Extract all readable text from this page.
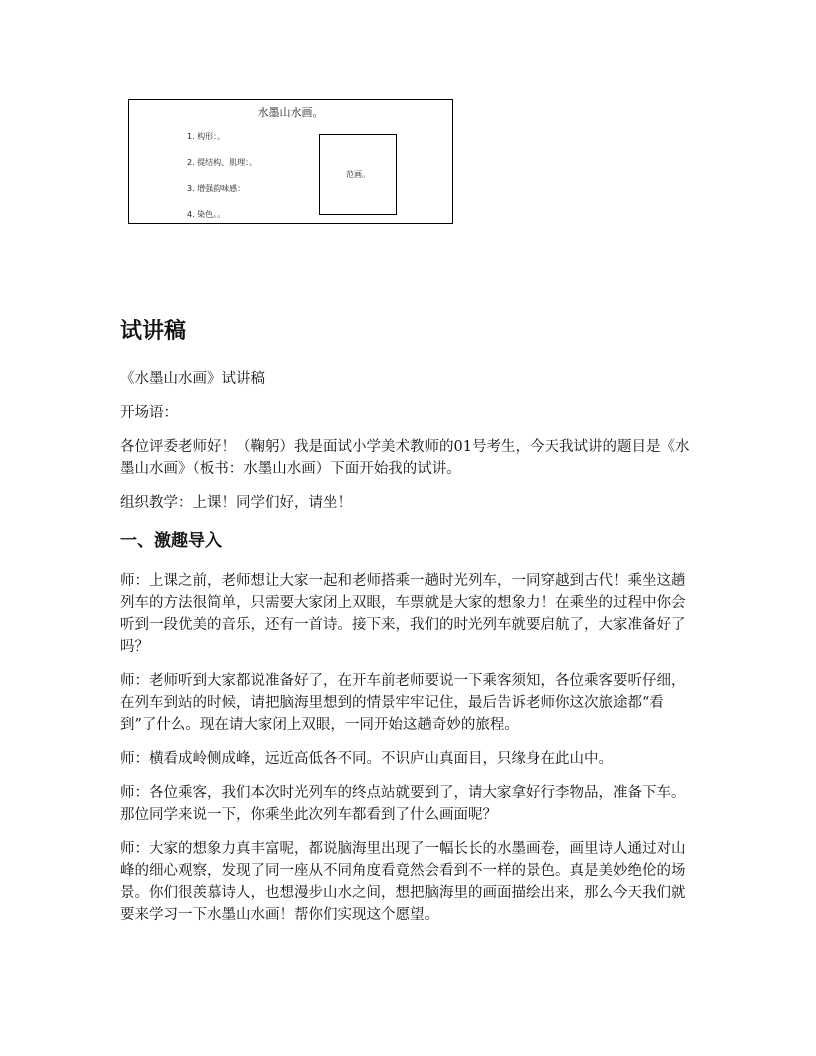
水墨山水画。
1. 构形：。
2. 提结构、肌理：。
3. 增强韵味感：
4. 染色。。
范画。
试讲稿

《水墨山水画》试讲稿

开场语：

各位评委老师好！（鞠躬）我是面试小学美术教师的01号考生，今天我试讲的题目是《水墨山水画》（板书：水墨山水画）下面开始我的试讲。

组织教学：上课！同学们好，请坐！

一、激趣导入

师：上课之前，老师想让大家一起和老师搭乘一趟时光列车，一同穿越到古代！乘坐这趟列车的方法很简单，只需要大家闭上双眼，车票就是大家的想象力！在乘坐的过程中你会听到一段优美的音乐，还有一首诗。接下来，我们的时光列车就要启航了，大家准备好了吗？

师：老师听到大家都说准备好了，在开车前老师要说一下乘客须知，各位乘客要听仔细，在列车到站的时候，请把脑海里想到的情景牢牢记住，最后告诉老师你这次旅途都“看到”了什么。现在请大家闭上双眼，一同开始这趟奇妙的旅程。

师：横看成岭侧成峰，远近高低各不同。不识庐山真面目，只缘身在此山中。

师：各位乘客，我们本次时光列车的终点站就要到了，请大家拿好行李物品，准备下车。那位同学来说一下，你乘坐此次列车都看到了什么画面呢？

师：大家的想象力真丰富呢，都说脑海里出现了一幅长长的水墨画卷，画里诗人通过对山峰的细心观察，发现了同一座从不同角度看竟然会看到不一样的景色。真是美妙绝伦的场景。你们很羡慕诗人，也想漫步山水之间，想把脑海里的画面描绘出来，那么今天我们就要来学习一下水墨山水画！帮你们实现这个愿望。
